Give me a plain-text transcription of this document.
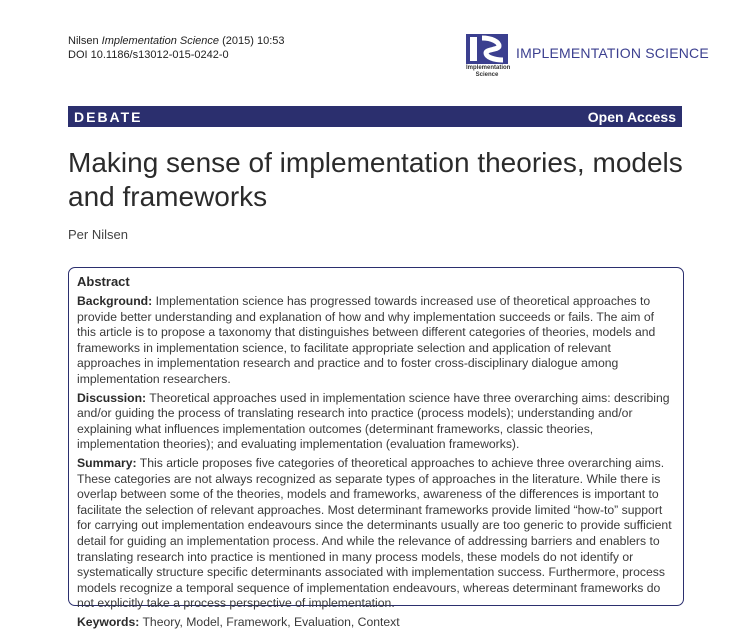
Nilsen Implementation Science (2015) 10:53
DOI 10.1186/s13012-015-0242-0
Implementation
Science
IMPLEMENTATION SCIENCE
DEBATE	Open Access
Making sense of implementation theories, models and frameworks
Per Nilsen
Abstract

Background: Implementation science has progressed towards increased use of theoretical approaches to provide better understanding and explanation of how and why implementation succeeds or fails. The aim of this article is to propose a taxonomy that distinguishes between different categories of theories, models and frameworks in implementation science, to facilitate appropriate selection and application of relevant approaches in implementation research and practice and to foster cross-disciplinary dialogue among implementation researchers.

Discussion: Theoretical approaches used in implementation science have three overarching aims: describing and/or guiding the process of translating research into practice (process models); understanding and/or explaining what influences implementation outcomes (determinant frameworks, classic theories, implementation theories); and evaluating implementation (evaluation frameworks).

Summary: This article proposes five categories of theoretical approaches to achieve three overarching aims. These categories are not always recognized as separate types of approaches in the literature. While there is overlap between some of the theories, models and frameworks, awareness of the differences is important to facilitate the selection of relevant approaches. Most determinant frameworks provide limited “how-to” support for carrying out implementation endeavours since the determinants usually are too generic to provide sufficient detail for guiding an implementation process. And while the relevance of addressing barriers and enablers to translating research into practice is mentioned in many process models, these models do not identify or systematically structure specific determinants associated with implementation success. Furthermore, process models recognize a temporal sequence of implementation endeavours, whereas determinant frameworks do not explicitly take a process perspective of implementation.

Keywords: Theory, Model, Framework, Evaluation, Context
